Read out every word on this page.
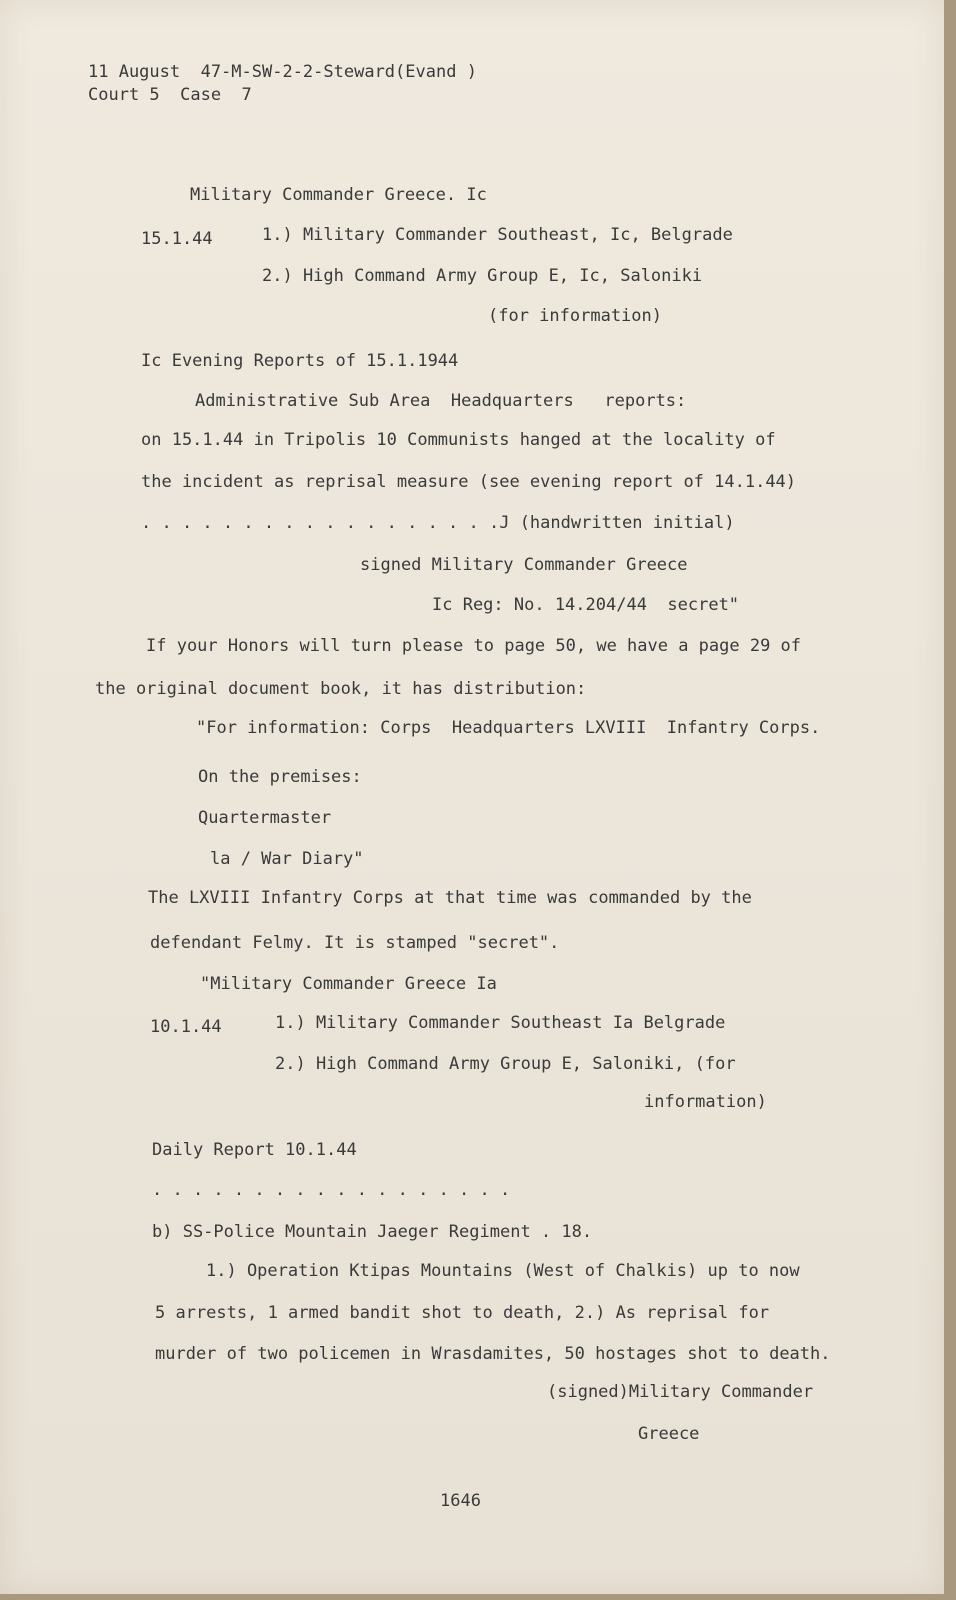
11 August  47-M-SW-2-2-Steward(Evand )
Court 5  Case  7
Military Commander Greece. Ic
15.1.44	1.) Military Commander Southeast, Ic, Belgrade
2.) High Command Army Group E, Ic, Saloniki
(for information)
Ic Evening Reports of 15.1.1944
Administrative Sub Area  Headquarters   reports:
on 15.1.44 in Tripolis 10 Communists hanged at the locality of
the incident as reprisal measure (see evening report of 14.1.44)
. . . . . . . . . . . . . . . . . .J (handwritten initial)
signed Military Commander Greece
Ic Reg: No. 14.204/44  secret"
If your Honors will turn please to page 50, we have a page 29 of
the original document book, it has distribution:
"For information: Corps  Headquarters LXVIII  Infantry Corps.
On the premises:
Quartermaster
la / War Diary"
The LXVIII Infantry Corps at that time was commanded by the
defendant Felmy. It is stamped "secret".
"Military Commander Greece Ia
10.1.44	1.) Military Commander Southeast Ia Belgrade
2.) High Command Army Group E, Saloniki, (for
information)
Daily Report 10.1.44
. . . . . . . . . . . . . . . . . .
b) SS-Police Mountain Jaeger Regiment . 18.
1.) Operation Ktipas Mountains (West of Chalkis) up to now
5 arrests, 1 armed bandit shot to death, 2.) As reprisal for
murder of two policemen in Wrasdamites, 50 hostages shot to death.
(signed)Military Commander
Greece
1646
